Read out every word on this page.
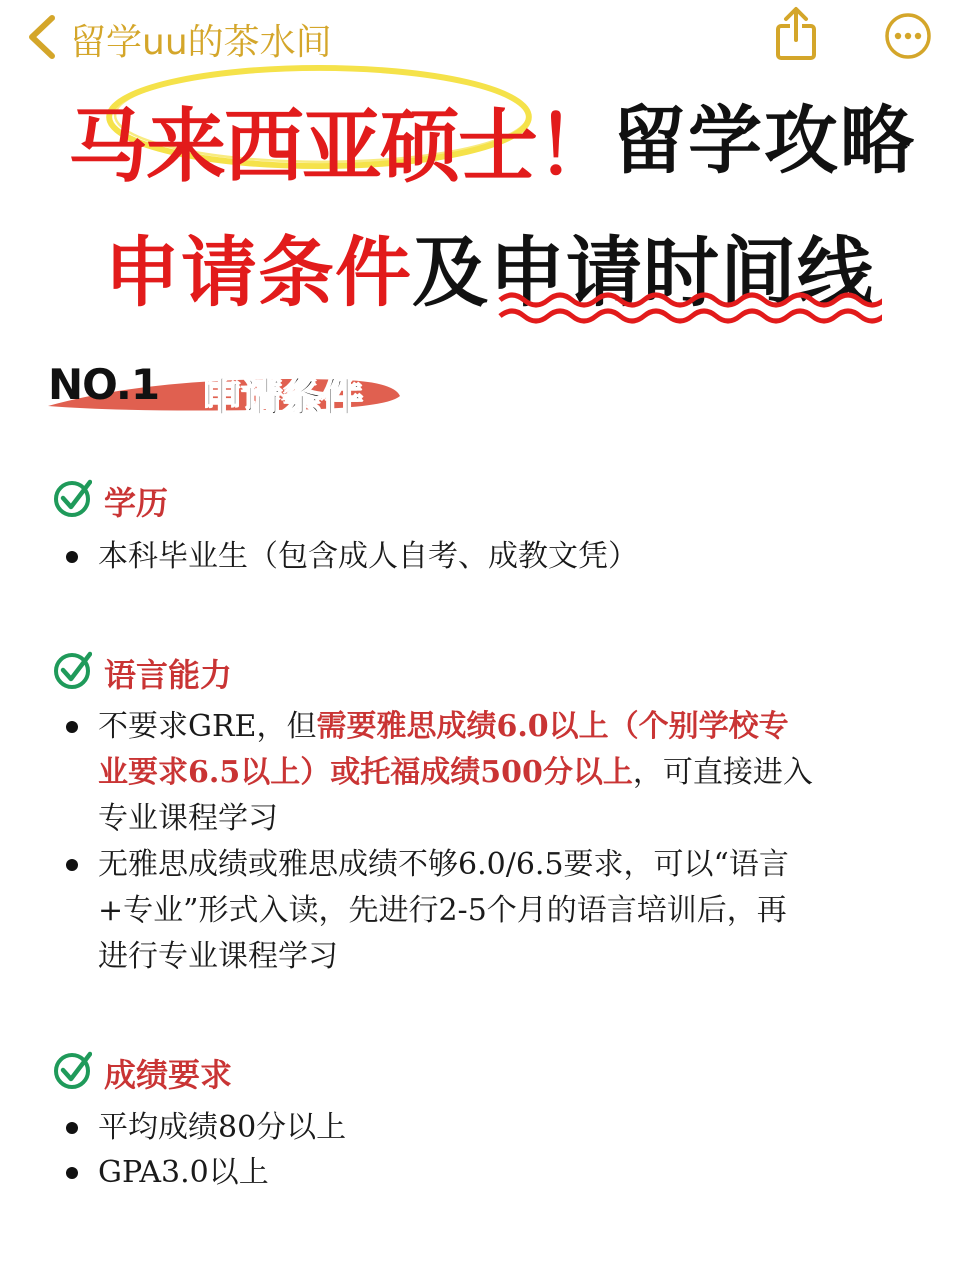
留学uu的茶水间
马来西亚硕士！
留学攻略
申请条件及申请时间线
NO.1 申请条件
学历
本科毕业生（包含成人自考、成教文凭）
语言能力
不要求GRE，但需要雅思成绩6.0以上（个别学校专
业要求6.5以上）或托福成绩500分以上，可直接进入
专业课程学习
无雅思成绩或雅思成绩不够6.0/6.5要求，可以“语言
+专业”形式入读，先进行2-5个月的语言培训后，再
进行专业课程学习
成绩要求
平均成绩80分以上
GPA3.0以上
